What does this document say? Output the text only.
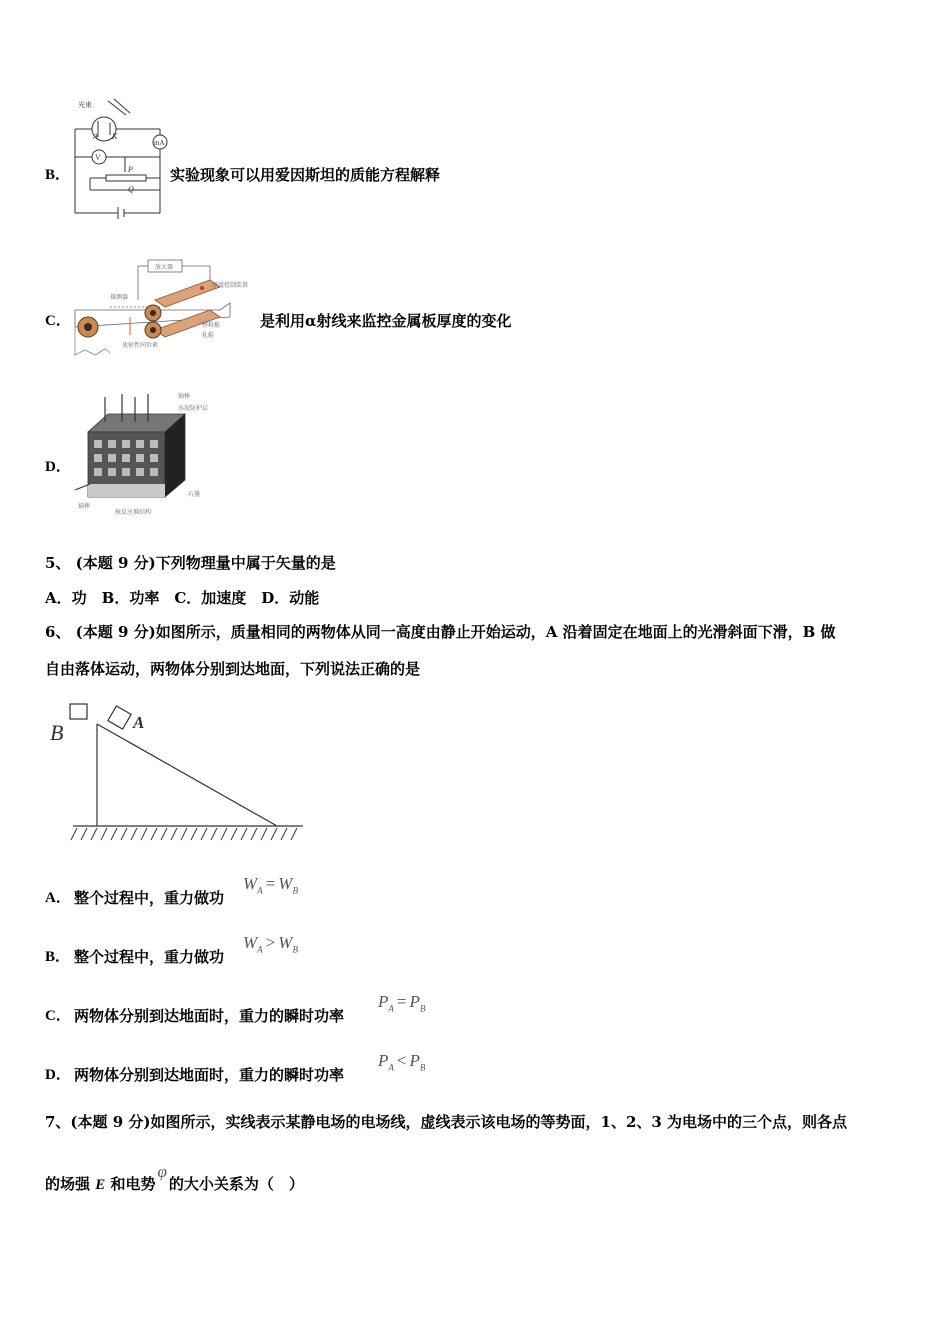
B．
光束
A K
V
mA
P
Q
实验现象可以用爱因斯坦的质能方程解释
C．
放大器
探测器
厚度控制装置
放射性同位素
整料板
轧辊
是利用α射线来监控金属板厚度的变化
D．
铀棒
水泥防护层
石墨
镉棒
核反应堆结构
5、 (本题 9 分)下列物理量中属于矢量的是
A．功　B．功率　C．加速度　D．动能
6、 (本题 9 分)如图所示，质量相同的两物体从同一高度由静止开始运动，A 沿着固定在地面上的光滑斜面下滑，B 做
自由落体运动，两物体分别到达地面，下列说法正确的是
B	A
A． 整个过程中，重力做功
$W_A = W_B$
B． 整个过程中，重力做功
$W_A > W_B$
C． 两物体分别到达地面时，重力的瞬时功率
$P_A = P_B$
D． 两物体分别到达地面时，重力的瞬时功率
$P_A < P_B$
7、(本题 9 分)如图所示，实线表示某静电场的电场线，虚线表示该电场的等势面，1、2、3 为电场中的三个点，则各点
的场强 E 和电势φ的大小关系为（　）
